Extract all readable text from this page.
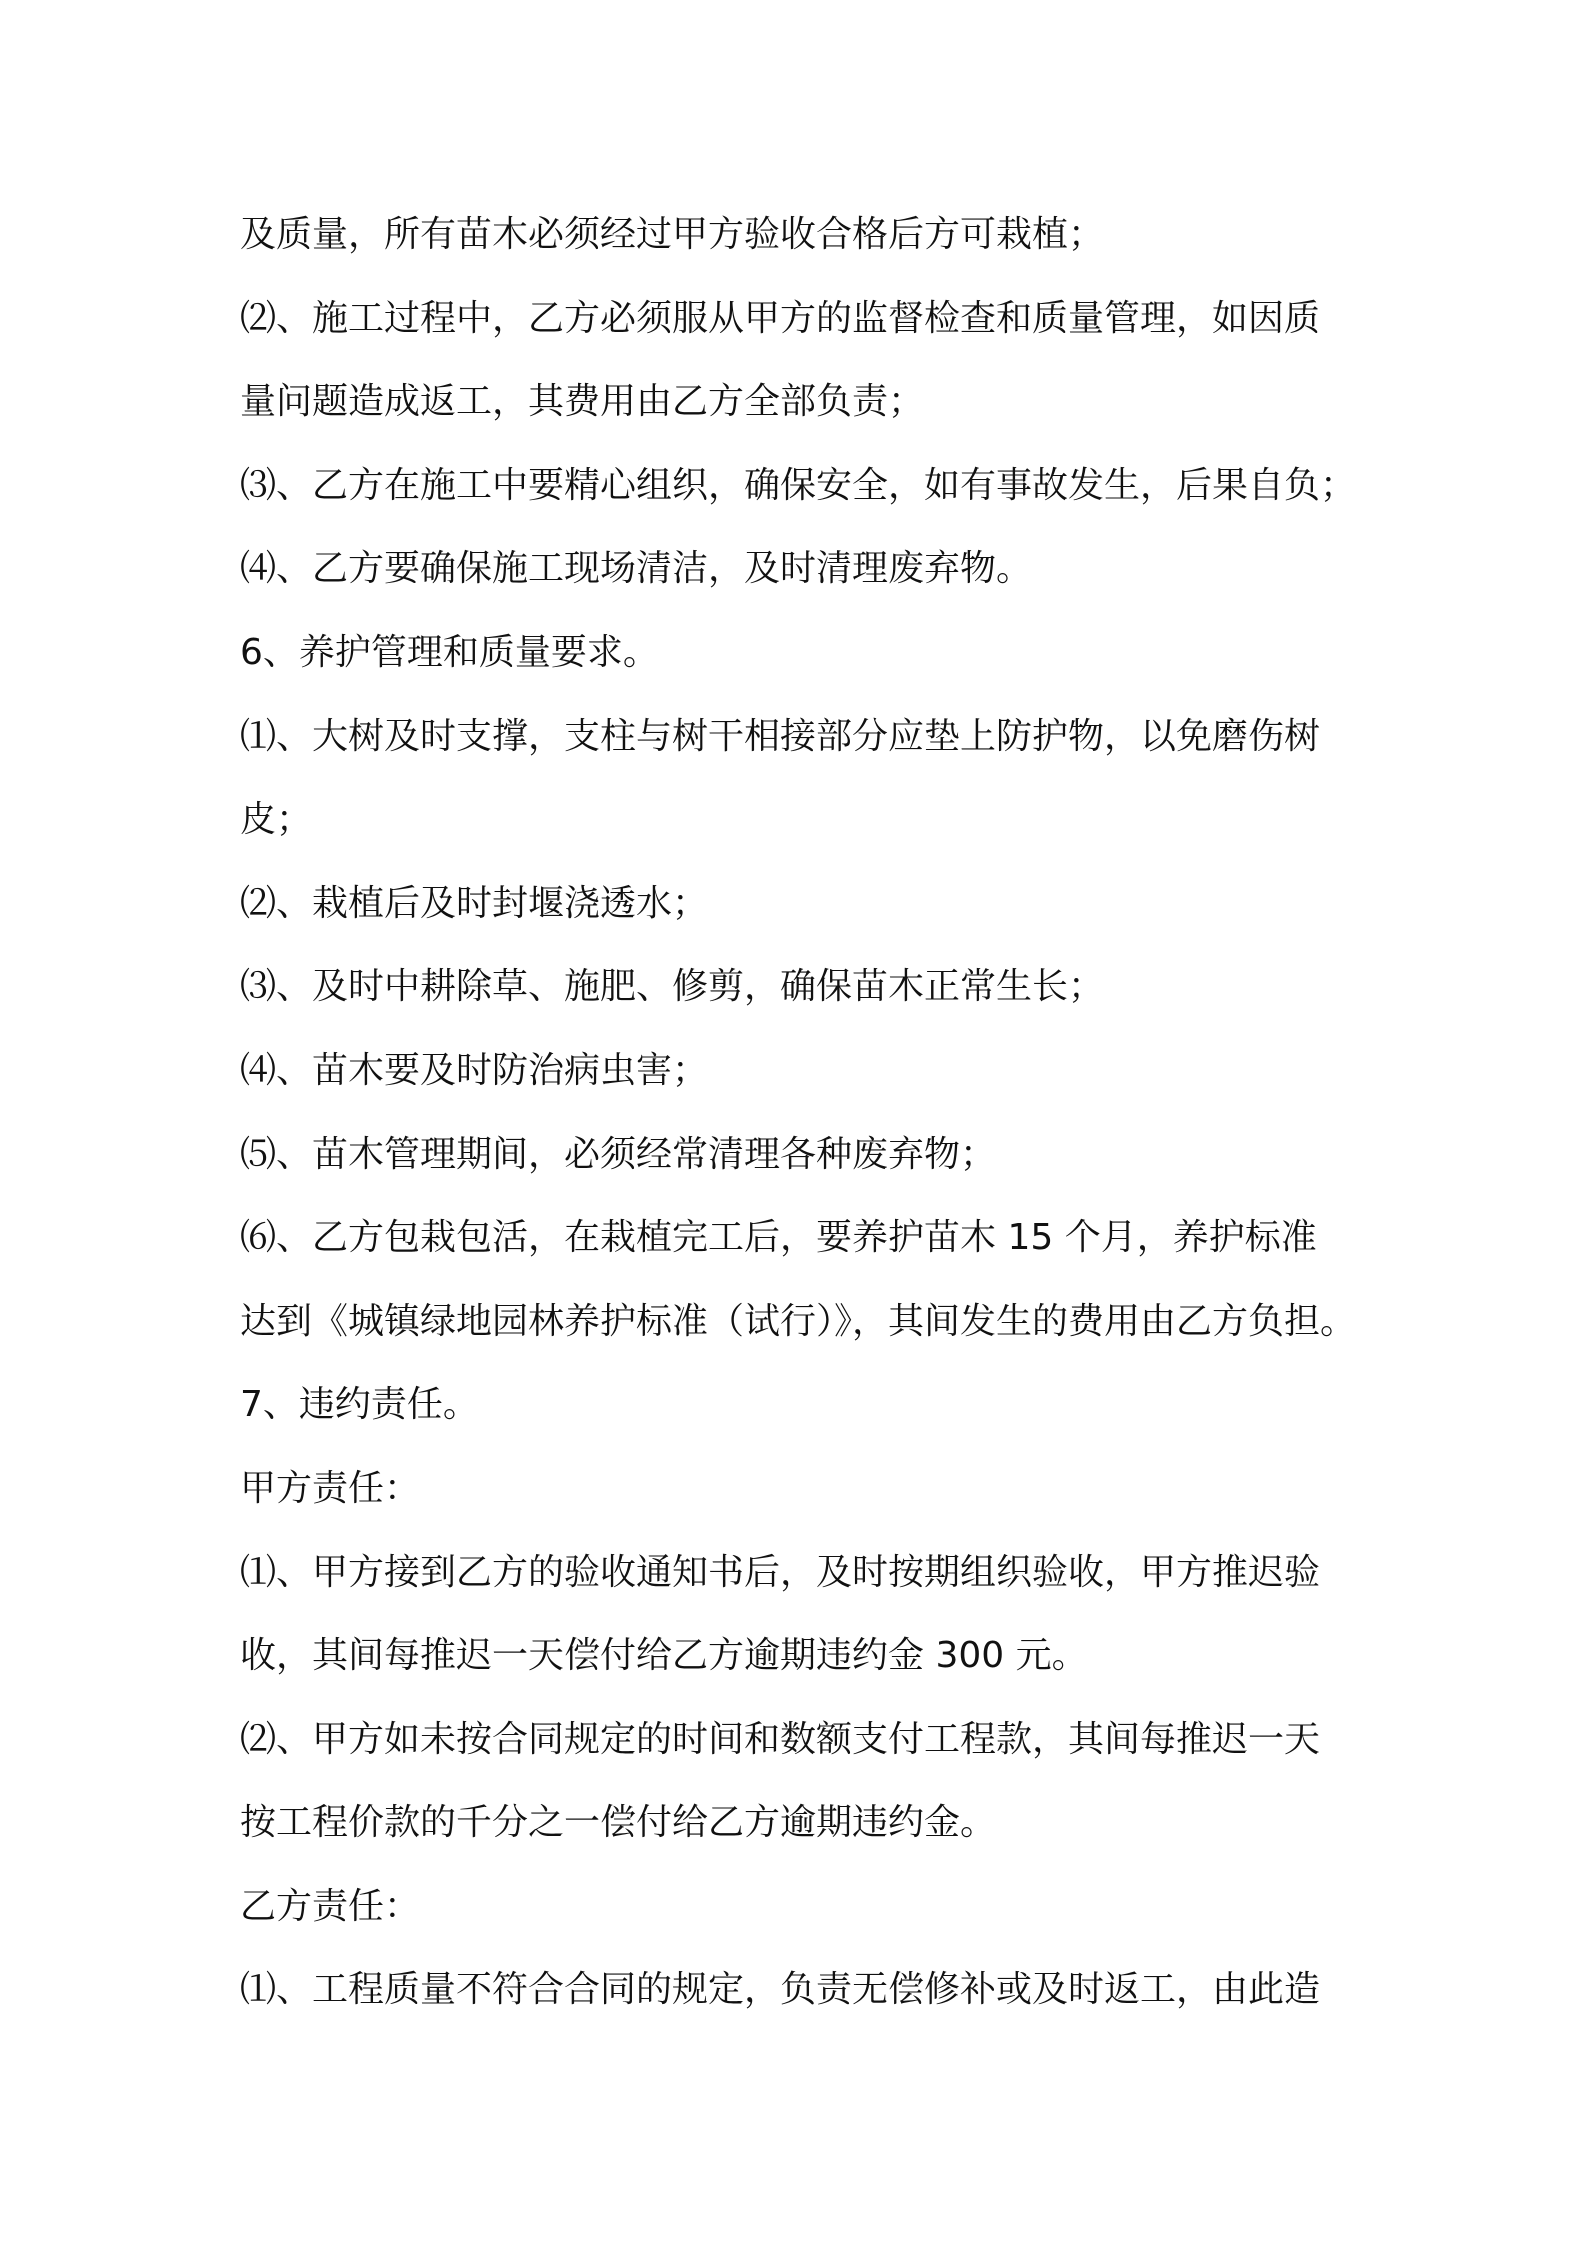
及质量，所有苗木必须经过甲方验收合格后方可栽植；
⑵、施工过程中，乙方必须服从甲方的监督检查和质量管理，如因质
量问题造成返工，其费用由乙方全部负责；
⑶、乙方在施工中要精心组织，确保安全，如有事故发生，后果自负；
⑷、乙方要确保施工现场清洁，及时清理废弃物。
6、养护管理和质量要求。
⑴、大树及时支撑，支柱与树干相接部分应垫上防护物，以免磨伤树
皮；
⑵、栽植后及时封堰浇透水；
⑶、及时中耕除草、施肥、修剪，确保苗木正常生长；
⑷、苗木要及时防治病虫害；
⑸、苗木管理期间，必须经常清理各种废弃物；
⑹、乙方包栽包活，在栽植完工后，要养护苗木 15 个月，养护标准
达到《城镇绿地园林养护标准（试行）》，其间发生的费用由乙方负担。
7、违约责任。
甲方责任：
⑴、甲方接到乙方的验收通知书后，及时按期组织验收，甲方推迟验
收，其间每推迟一天偿付给乙方逾期违约金 300 元。
⑵、甲方如未按合同规定的时间和数额支付工程款，其间每推迟一天
按工程价款的千分之一偿付给乙方逾期违约金。
乙方责任：
⑴、工程质量不符合合同的规定，负责无偿修补或及时返工，由此造
